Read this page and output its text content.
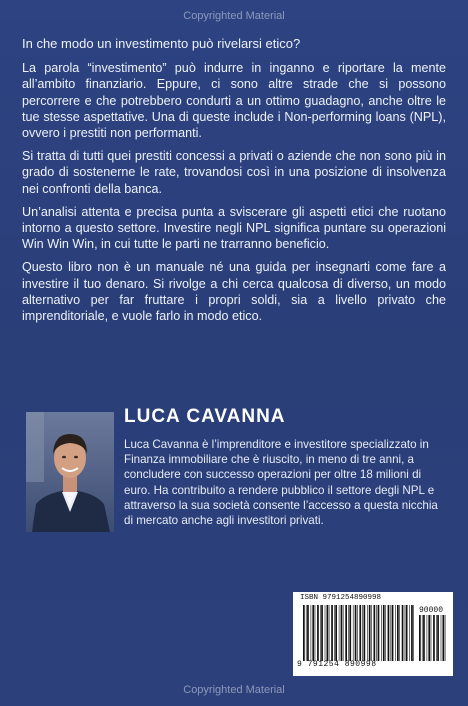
Copyrighted Material

In che modo un investimento può rivelarsi etico?

La parola “investimento” può indurre in inganno e riportare la mente all’ambito finanziario. Eppure, ci sono altre strade che si possono percorrere e che potrebbero condurti a un ottimo guadagno, anche oltre le tue stesse aspettative. Una di queste include i Non-performing loans (NPL), ovvero i prestiti non performanti.

Si tratta di tutti quei prestiti concessi a privati o aziende che non sono più in grado di sostenerne le rate, trovandosi così in una posizione di insolvenza nei confronti della banca.

Un’analisi attenta e precisa punta a sviscerare gli aspetti etici che ruotano intorno a questo settore. Investire negli NPL significa puntare su operazioni Win Win Win, in cui tutte le parti ne trarranno beneficio.

Questo libro non è un manuale né una guida per insegnarti come fare a investire il tuo denaro. Si rivolge a chi cerca qualcosa di diverso, un modo alternativo per far fruttare i propri soldi, sia a livello privato che imprenditoriale, e vuole farlo in modo etico.

LUCA CAVANNA
Luca Cavanna è l’imprenditore e investitore specializzato in Finanza immobiliare che è riuscito, in meno di tre anni, a concludere con successo operazioni per oltre 18 milioni di euro. Ha contribuito a rendere pubblico il settore degli NPL e attraverso la sua società consente l’accesso a questa nicchia di mercato anche agli investitori privati.
ISBN 9791254890998
90000
9 791254 890998
Copyrighted Material
